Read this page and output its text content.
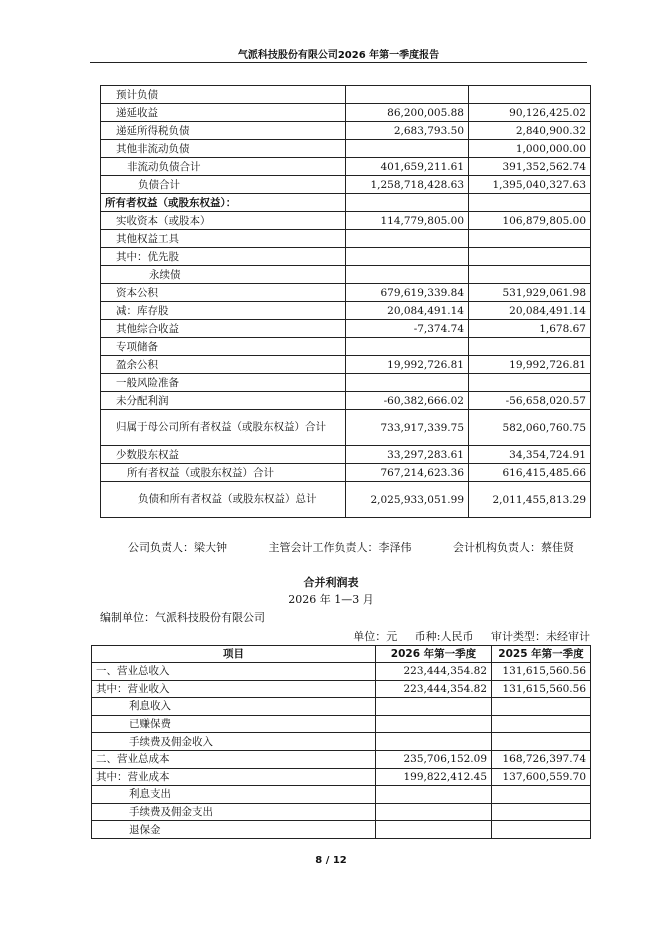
气派科技股份有限公司2026 年第一季度报告
预计负债		
递延收益	86,200,005.88	90,126,425.02
递延所得税负债	2,683,793.50	2,840,900.32
其他非流动负债		1,000,000.00
非流动负债合计	401,659,211.61	391,352,562.74
负债合计	1,258,718,428.63	1,395,040,327.63
所有者权益（或股东权益）：		
实收资本（或股本）	114,779,805.00	106,879,805.00
其他权益工具		
其中：优先股		
永续债		
资本公积	679,619,339.84	531,929,061.98
减：库存股	20,084,491.14	20,084,491.14
其他综合收益	-7,374.74	1,678.67
专项储备		
盈余公积	19,992,726.81	19,992,726.81
一般风险准备		
未分配利润	-60,382,666.02	-56,658,020.57
归属于母公司所有者权益（或股东权益）合计	733,917,339.75	582,060,760.75
少数股东权益	33,297,283.61	34,354,724.91
所有者权益（或股东权益）合计	767,214,623.36	616,415,485.66
负债和所有者权益（或股东权益）总计	2,025,933,051.99	2,011,455,813.29
公司负责人：梁大钟	主管会计工作负责人：李泽伟	会计机构负责人：蔡佳贤
合并利润表
2026 年 1—3 月
编制单位：气派科技股份有限公司
单位：元 币种:人民币 审计类型：未经审计
项目	2026 年第一季度	2025 年第一季度
一、营业总收入	223,444,354.82	131,615,560.56
其中：营业收入	223,444,354.82	131,615,560.56
利息收入		
已赚保费		
手续费及佣金收入		
二、营业总成本	235,706,152.09	168,726,397.74
其中：营业成本	199,822,412.45	137,600,559.70
利息支出		
手续费及佣金支出		
退保金		
8 / 12
